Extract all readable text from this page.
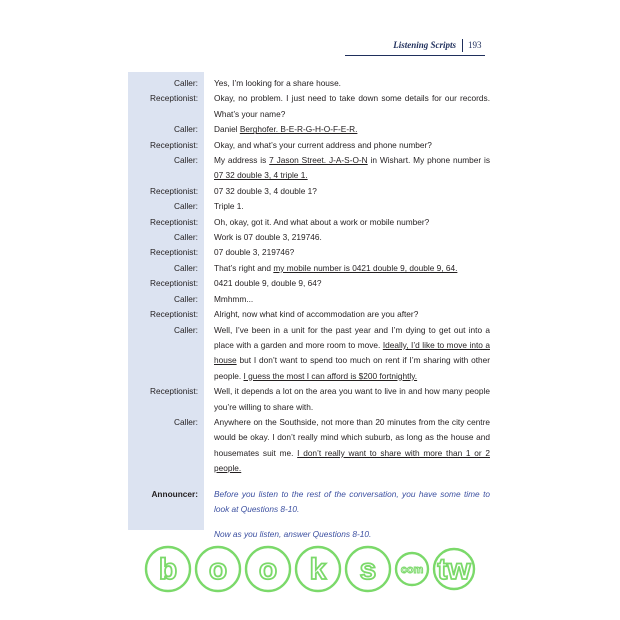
Listening Scripts 193
Caller:	Yes, I’m looking for a share house.
Receptionist:	Okay, no problem. I just need to take down some details for our records. What’s your name?
Caller:	Daniel Berghofer. B-E-R-G-H-O-F-E-R.
Receptionist:	Okay, and what’s your current address and phone number?
Caller:	My address is 7 Jason Street. J-A-S-O-N in Wishart. My phone number is 07 32 double 3, 4 triple 1.
Receptionist:	07 32 double 3, 4 double 1?
Caller:	Triple 1.
Receptionist:	Oh, okay, got it. And what about a work or mobile number?
Caller:	Work is 07 double 3, 219746.
Receptionist:	07 double 3, 219746?
Caller:	That’s right and my mobile number is 0421 double 9, double 9, 64.
Receptionist:	0421 double 9, double 9, 64?
Caller:	Mmhmm...
Receptionist:	Alright, now what kind of accommodation are you after?
Caller:	Well, I’ve been in a unit for the past year and I’m dying to get out into a place with a garden and more room to move. Ideally, I’d like to move into a house but I don’t want to spend too much on rent if I’m sharing with other people. I guess the most I can afford is $200 fortnightly.
Receptionist:	Well, it depends a lot on the area you want to live in and how many people you’re willing to share with.
Caller:	Anywhere on the Southside, not more than 20 minutes from the city centre would be okay. I don’t really mind which suburb, as long as the house and housemates suit me. I don’t really want to share with more than 1 or 2 people.
Announcer:	Before you listen to the rest of the conversation, you have some time to look at Questions 8-10.
Now as you listen, answer Questions 8-10.
b o o k s com tw
